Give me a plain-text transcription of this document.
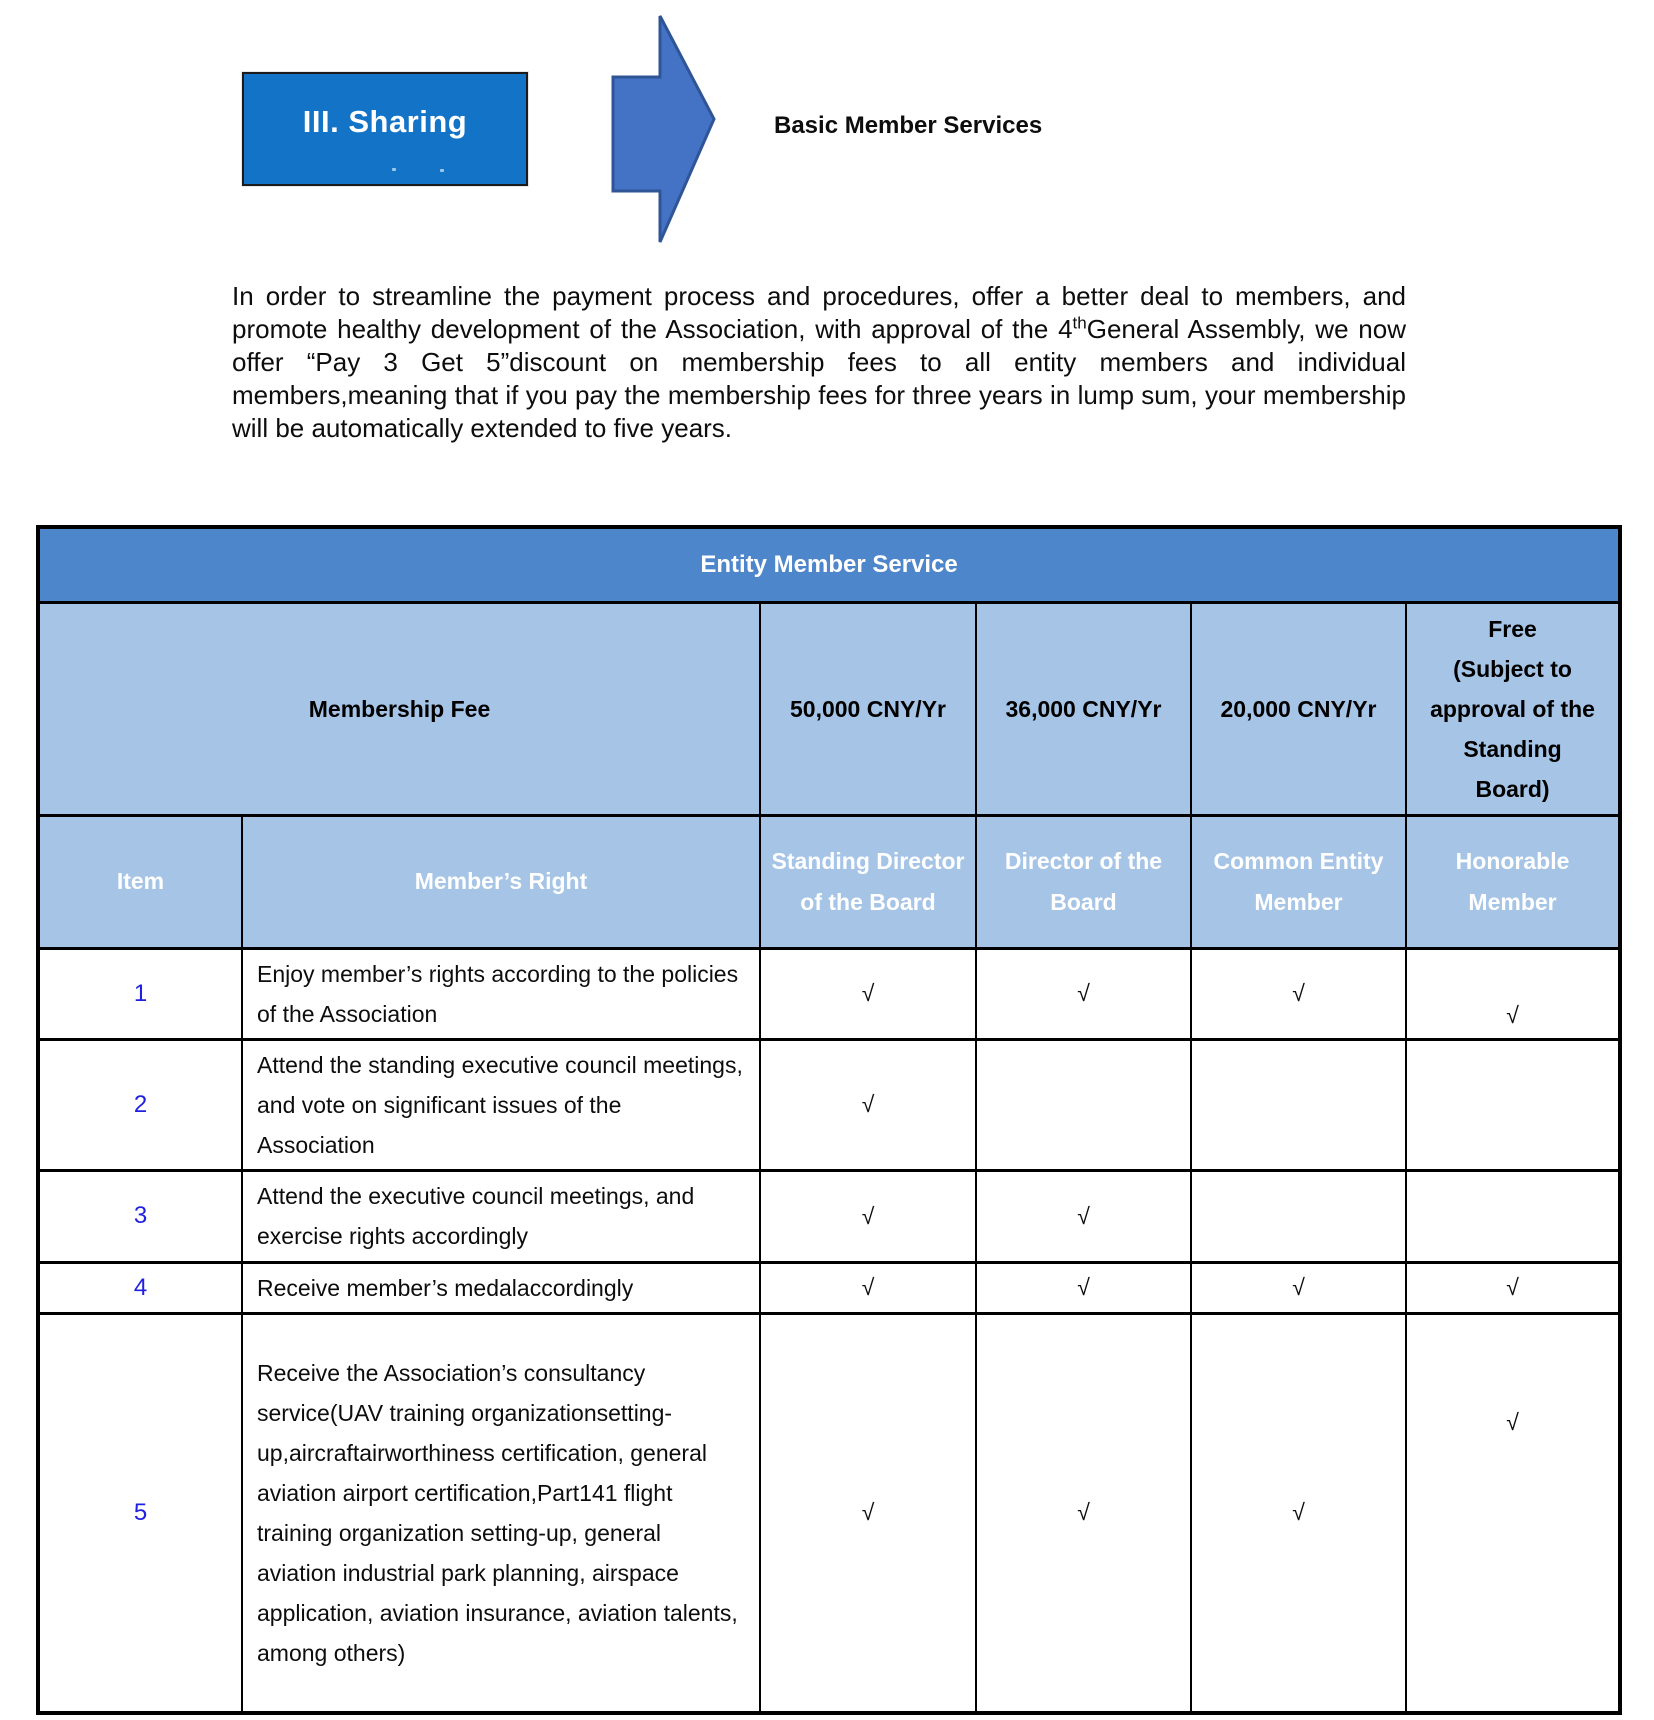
III. Sharing	Basic Member Services

In order to streamline the payment process and procedures, offer a better deal to members, and promote healthy development of the Association, with approval of the 4thGeneral Assembly, we now offer “Pay 3 Get 5”discount on membership fees to all entity members and individual members,meaning that if you pay the membership fees for three years in lump sum, your membership will be automatically extended to five years.

Entity Member Service					
Membership Fee		50,000 CNY/Yr	36,000 CNY/Yr	20,000 CNY/Yr	Free
(Subject to approval of the Standing Board)

Item	Member’s Right	Standing Director of the Board	Director of the Board	Common Entity Member	Honorable Member
1	Enjoy member’s rights according to the policies of the Association	√	√	√	√
2	Attend the standing executive council meetings, and vote on significant issues of the Association	√			
3	Attend the executive council meetings, and exercise rights accordingly	√	√		
4	Receive member’s medalaccordingly	√	√	√	√
5	Receive the Association’s consultancy service(UAV training organizationsetting-up,aircraftairworthiness certification, general aviation airport certification,Part141 flight training organization setting-up, general aviation industrial park planning, airspace application, aviation insurance, aviation talents, among others)	√	√	√	√
